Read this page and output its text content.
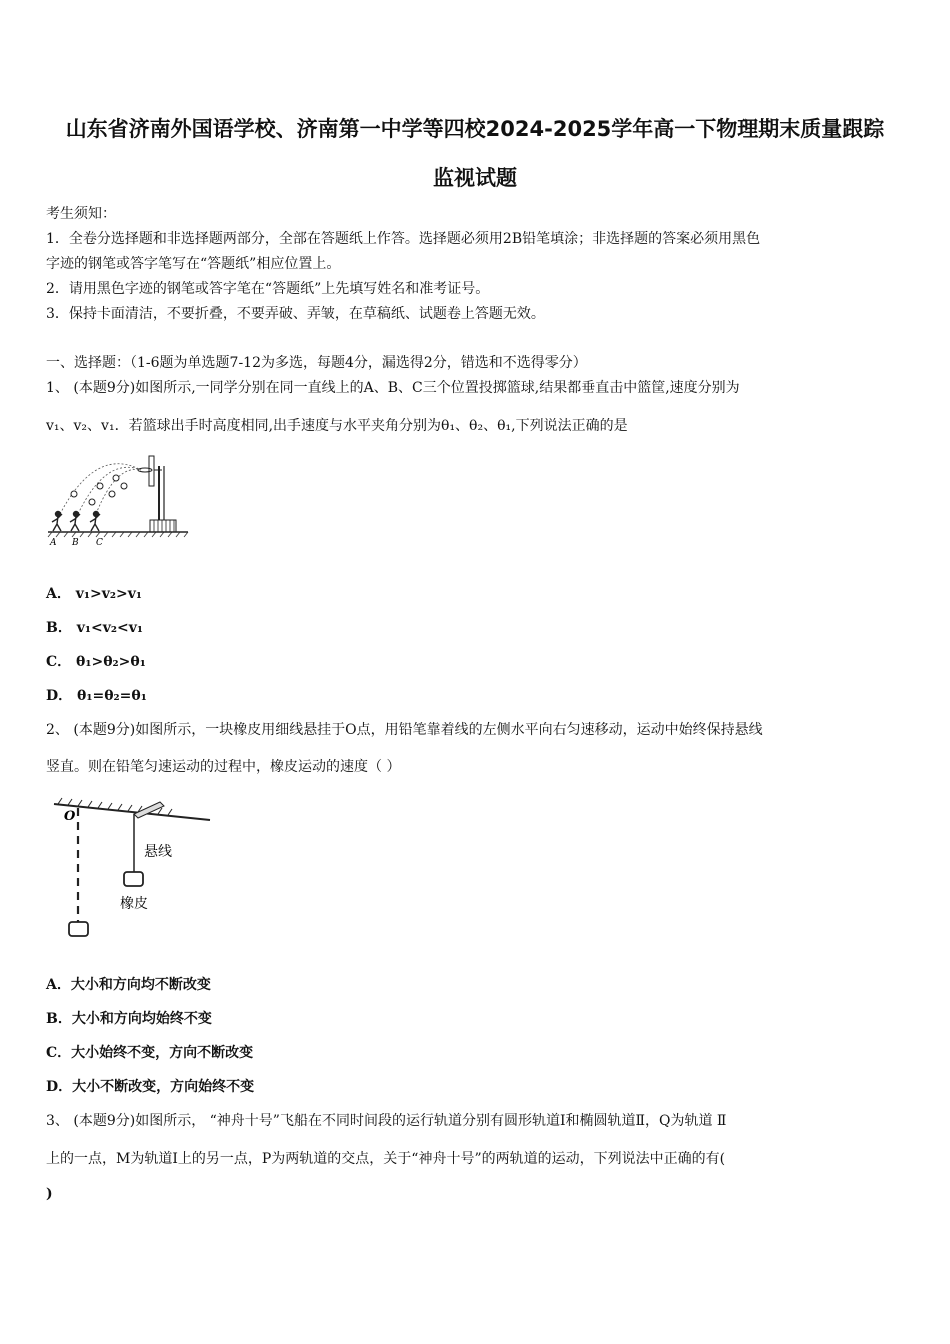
山东省济南外国语学校、济南第一中学等四校2024-2025学年高一下物理期末质量跟踪
监视试题
考生须知：
1．全卷分选择题和非选择题两部分，全部在答题纸上作答。选择题必须用2B铅笔填涂；非选择题的答案必须用黑色
字迹的钢笔或答字笔写在“答题纸”相应位置上。
2．请用黑色字迹的钢笔或答字笔在“答题纸”上先填写姓名和准考证号。
3．保持卡面清洁，不要折叠，不要弄破、弄皱，在草稿纸、试题卷上答题无效。
一、选择题：（1-6题为单选题7-12为多选，每题4分，漏选得2分，错选和不选得零分）
1、 (本题9分)如图所示,一同学分别在同一直线上的A、B、C三个位置投掷篮球,结果都垂直击中篮筐,速度分别为
v₁、v₂、v₁．若篮球出手时高度相同,出手速度与水平夹角分别为θ₁、θ₂、θ₁,下列说法正确的是
A B C
A． v₁>v₂>v₁
B． v₁<v₂<v₁
C． θ₁>θ₂>θ₁
D． θ₁=θ₂=θ₁
2、 (本题9分)如图所示，一块橡皮用细线悬挂于O点，用铅笔靠着线的左侧水平向右匀速移动，运动中始终保持悬线
竖直。则在铅笔匀速运动的过程中，橡皮运动的速度（ ）
O
悬线
橡皮
A．大小和方向均不断改变
B．大小和方向均始终不变
C．大小始终不变，方向不断改变
D．大小不断改变，方向始终不变
3、 (本题9分)如图所示， “神舟十号”飞船在不同时间段的运行轨道分别有圆形轨道Ⅰ和椭圆轨道Ⅱ，Q为轨道 Ⅱ
上的一点，M为轨道Ⅰ上的另一点，P为两轨道的交点，关于“神舟十号”的两轨道的运动，下列说法中正确的有(
)
